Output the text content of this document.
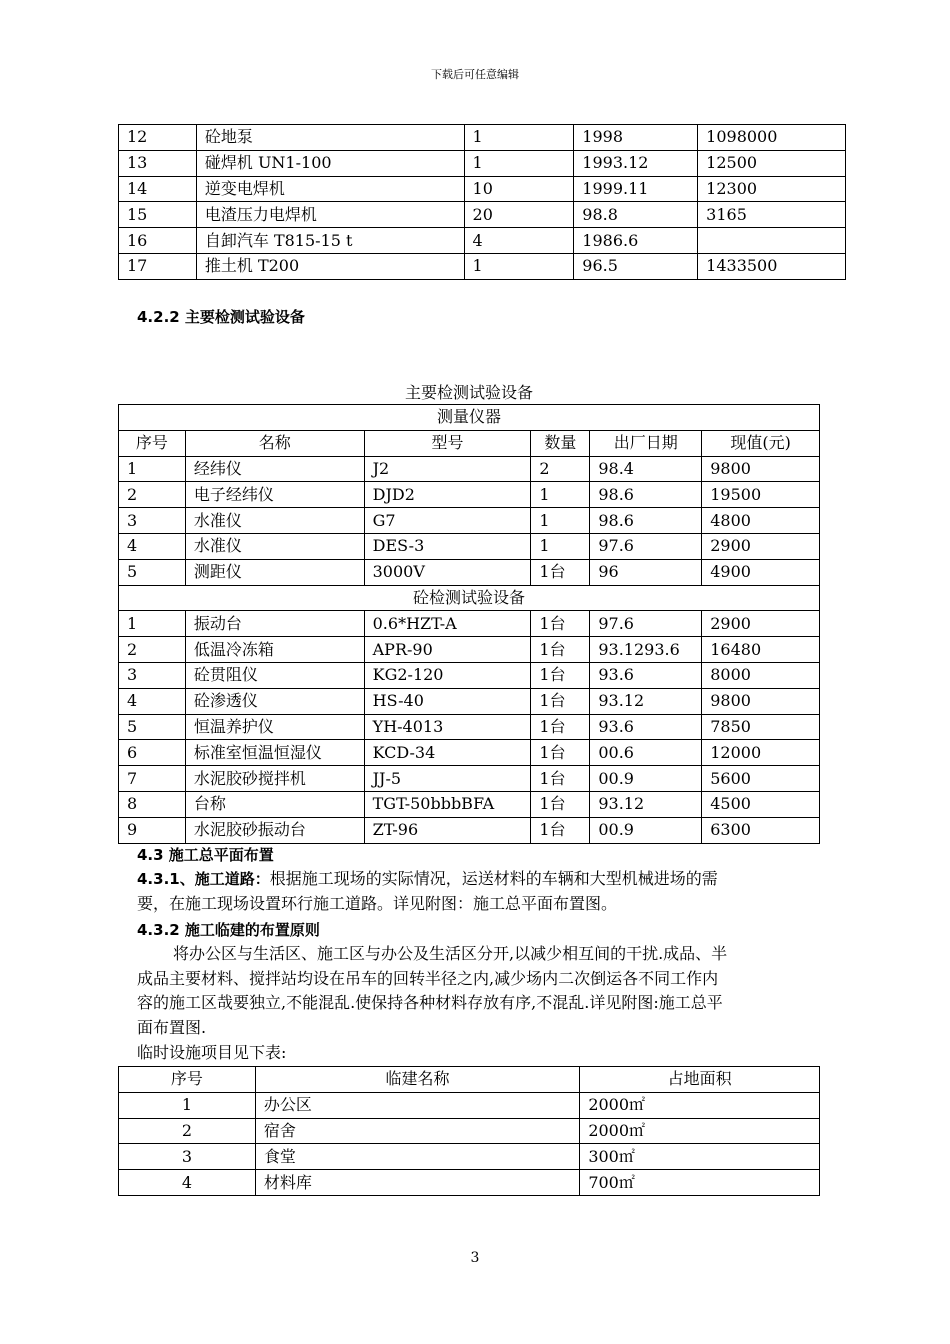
下载后可任意编辑
12	砼地泵	1	1998	1098000
13	碰焊机 UN1-100	1	1993.12	12500
14	逆变电焊机	10	1999.11	12300
15	电渣压力电焊机	20	98.8	3165
16	自卸汽车 T815-15 t	4	1986.6	
17	推土机 T200	1	96.5	1433500
4.2.2 主要检测试验设备
主要检测试验设备
测量仪器					
序号	名称	型号	数量	出厂日期	现值(元)
1	经纬仪	J2	2	98.4	9800
2	电子经纬仪	DJD2	1	98.6	19500
3	水准仪	G7	1	98.6	4800
4	水准仪	DES-3	1	97.6	2900
5	测距仪	3000V	1台	96	4900
砼检测试验设备					
1	振动台	0.6*HZT-A	1台	97.6	2900
2	低温冷冻箱	APR-90	1台	93.1293.6	16480
3	砼贯阻仪	KG2-120	1台	93.6	8000
4	砼渗透仪	HS-40	1台	93.12	9800
5	恒温养护仪	YH-4013	1台	93.6	7850
6	标准室恒温恒湿仪	KCD-34	1台	00.6	12000
7	水泥胶砂搅拌机	JJ-5	1台	00.9	5600
8	台称	TGT-50bbbBFA	1台	93.12	4500
9	水泥胶砂振动台	ZT-96	1台	00.9	6300
4.3 施工总平面布置
4.3.1、施工道路：根据施工现场的实际情况，运送材料的车辆和大型机械进场的需
要，在施工现场设置环行施工道路。详见附图：施工总平面布置图。
4.3.2 施工临建的布置原则
将办公区与生活区、施工区与办公及生活区分开,以减少相互间的干扰.成品、半
成品主要材料、搅拌站均设在吊车的回转半径之内,减少场内二次倒运各不同工作内
容的施工区哉要独立,不能混乱.使保持各种材料存放有序,不混乱.详见附图:施工总平
面布置图.
临时设施项目见下表:
序号	临建名称	占地面积
1	办公区	2000㎡
2	宿舍	2000㎡
3	食堂	300㎡
4	材料库	700㎡
3
